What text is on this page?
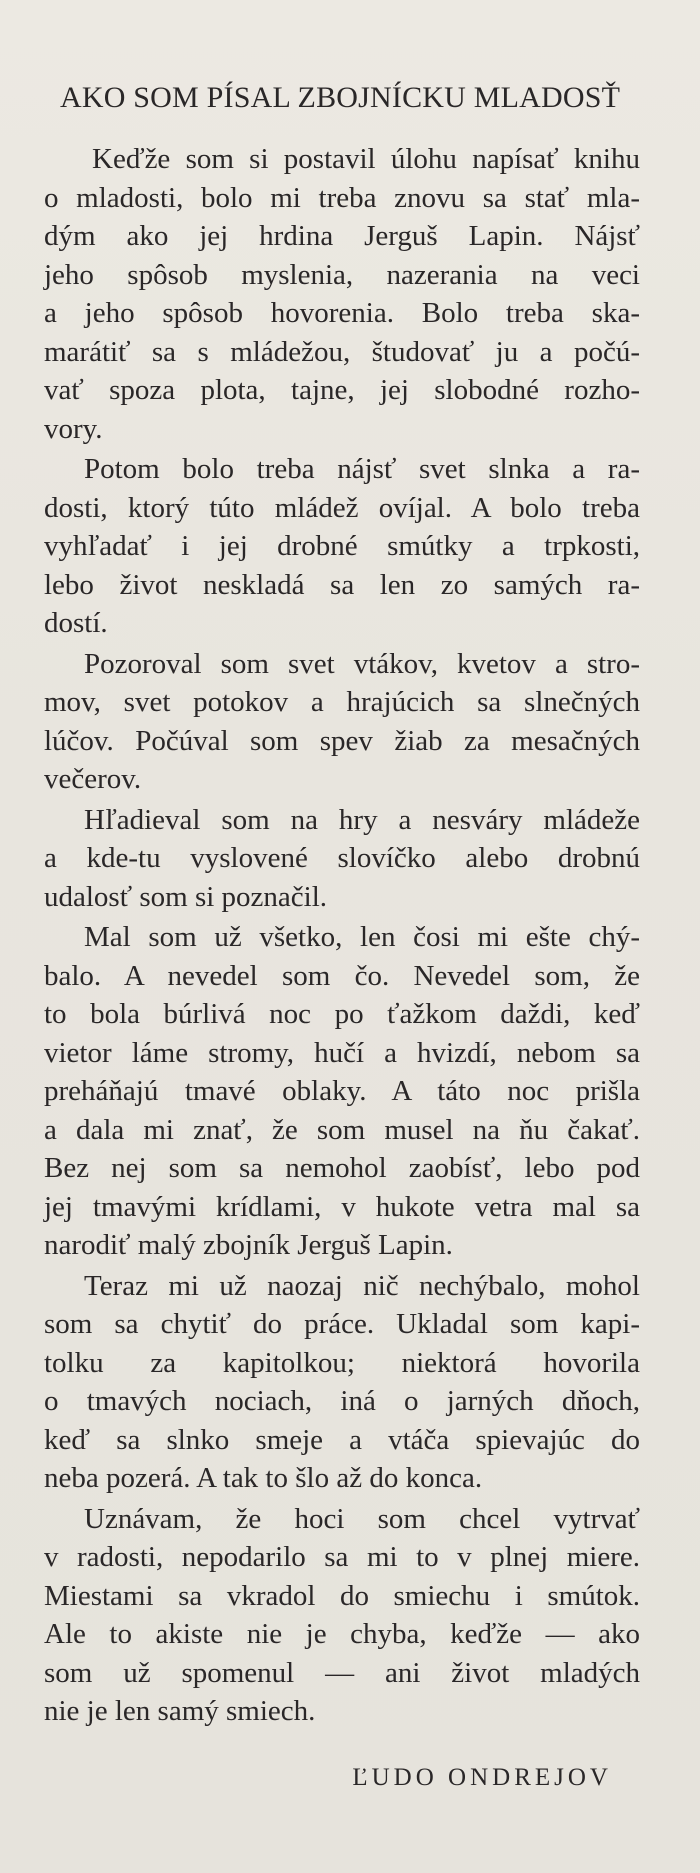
AKO SOM PÍSAL ZBOJNÍCKU MLADOSŤ
Keďže som si postavil úlohu napísať knihu
o mladosti, bolo mi treba znovu sa stať mla-
dým ako jej hrdina Jerguš Lapin. Nájsť
jeho spôsob myslenia, nazerania na veci
a jeho spôsob hovorenia. Bolo treba ska-
marátiť sa s mládežou, študovať ju a počú-
vať spoza plota, tajne, jej slobodné rozho-
vory.
Potom bolo treba nájsť svet slnka a ra-
dosti, ktorý túto mládež ovíjal. A bolo treba
vyhľadať i jej drobné smútky a trpkosti,
lebo život neskladá sa len zo samých ra-
dostí.
Pozoroval som svet vtákov, kvetov a stro-
mov, svet potokov a hrajúcich sa slnečných
lúčov. Počúval som spev žiab za mesačných
večerov.
Hľadieval som na hry a nesváry mládeže
a kde-tu vyslovené slovíčko alebo drobnú
udalosť som si poznačil.
Mal som už všetko, len čosi mi ešte chý-
balo. A nevedel som čo. Nevedel som, že
to bola búrlivá noc po ťažkom daždi, keď
vietor láme stromy, hučí a hvizdí, nebom sa
preháňajú tmavé oblaky. A táto noc prišla
a dala mi znať, že som musel na ňu čakať.
Bez nej som sa nemohol zaobísť, lebo pod
jej tmavými krídlami, v hukote vetra mal sa
narodiť malý zbojník Jerguš Lapin.
Teraz mi už naozaj nič nechýbalo, mohol
som sa chytiť do práce. Ukladal som kapi-
tolku za kapitolkou; niektorá hovorila
o tmavých nociach, iná o jarných dňoch,
keď sa slnko smeje a vtáča spievajúc do
neba pozerá. A tak to šlo až do konca.
Uznávam, že hoci som chcel vytrvať
v radosti, nepodarilo sa mi to v plnej miere.
Miestami sa vkradol do smiechu i smútok.
Ale to akiste nie je chyba, keďže — ako
som už spomenul — ani život mladých
nie je len samý smiech.
ĽUDO ONDREJOV
